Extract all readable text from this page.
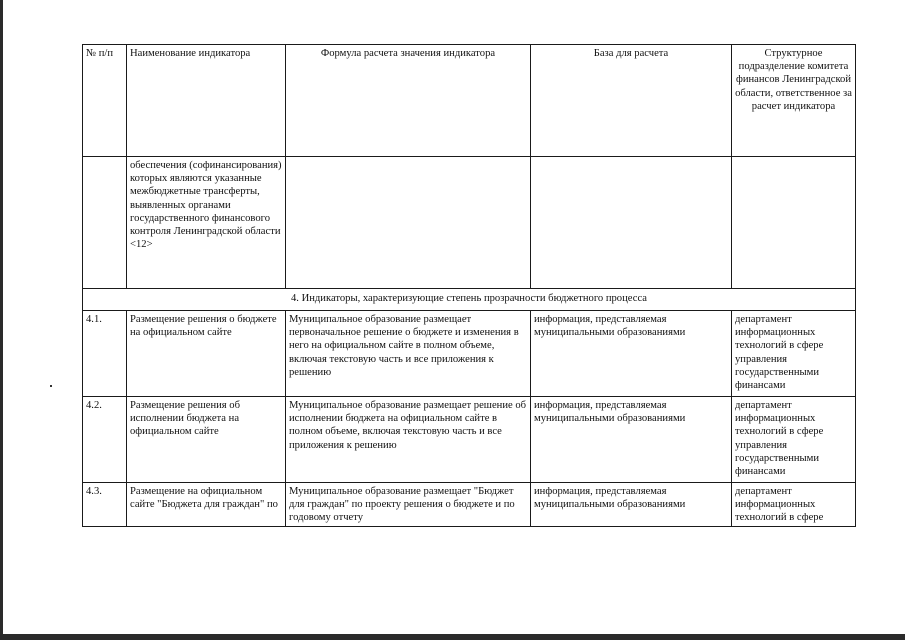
№ п/п	Наименование индикатора	Формула расчета значения индикатора	База для расчета	Структурное подразделение комитета финансов Ленинградской области, ответственное за расчет индикатора
	обеспечения (софинансирования) которых являются указанные межбюджетные трансферты, выявленных органами государственного финансового контроля Ленинградской области <12>			
4. Индикаторы, характеризующие степень прозрачности бюджетного процесса				
4.1.	Размещение решения о бюджете на официальном сайте	Муниципальное образование размещает первоначальное решение о бюджете и изменения в него на официальном сайте в полном объеме, включая текстовую часть и все приложения к решению	информация, представляемая муниципальными образованиями	департамент информационных технологий в сфере управления государственными финансами
4.2.	Размещение решения об исполнении бюджета на официальном сайте	Муниципальное образование размещает решение об исполнении бюджета на официальном сайте в полном объеме, включая текстовую часть и все приложения к решению	информация, представляемая муниципальными образованиями	департамент информационных технологий в сфере управления государственными финансами

4.3.	Размещение на официальном сайте "Бюджета для граждан" по	Муниципальное образование размещает "Бюджет для граждан" по проекту решения о бюджете и по годовому отчету	информация, представляемая муниципальными образованиями	департамент информационных технологий в сфере
